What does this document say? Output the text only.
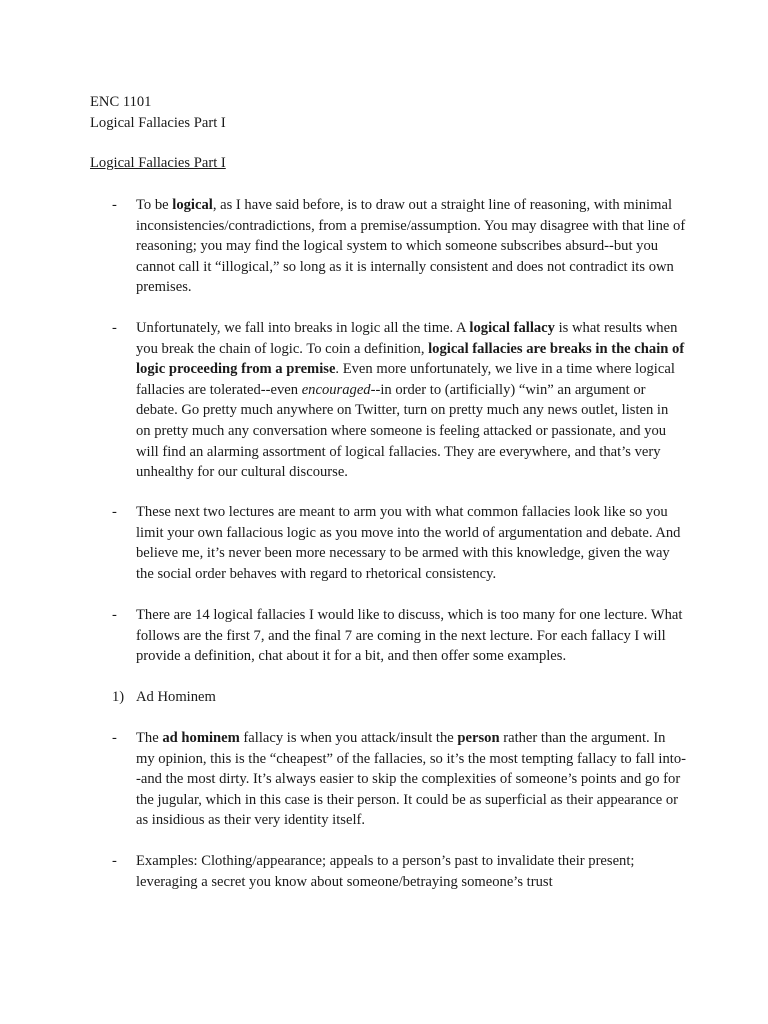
ENC 1101
Logical Fallacies Part I
Logical Fallacies Part I
- To be logical, as I have said before, is to draw out a straight line of reasoning, with minimal inconsistencies/contradictions, from a premise/assumption. You may disagree with that line of reasoning; you may find the logical system to which someone subscribes absurd--but you cannot call it “illogical,” so long as it is internally consistent and does not contradict its own premises.
- Unfortunately, we fall into breaks in logic all the time. A logical fallacy is what results when you break the chain of logic. To coin a definition, logical fallacies are breaks in the chain of logic proceeding from a premise. Even more unfortunately, we live in a time where logical fallacies are tolerated--even encouraged--in order to (artificially) “win” an argument or debate. Go pretty much anywhere on Twitter, turn on pretty much any news outlet, listen in on pretty much any conversation where someone is feeling attacked or passionate, and you will find an alarming assortment of logical fallacies. They are everywhere, and that’s very unhealthy for our cultural discourse.
- These next two lectures are meant to arm you with what common fallacies look like so you limit your own fallacious logic as you move into the world of argumentation and debate. And believe me, it’s never been more necessary to be armed with this knowledge, given the way the social order behaves with regard to rhetorical consistency.
- There are 14 logical fallacies I would like to discuss, which is too many for one lecture. What follows are the first 7, and the final 7 are coming in the next lecture. For each fallacy I will provide a definition, chat about it for a bit, and then offer some examples.
1) Ad Hominem
- The ad hominem fallacy is when you attack/insult the person rather than the argument. In my opinion, this is the “cheapest” of the fallacies, so it’s the most tempting fallacy to fall into--and the most dirty. It’s always easier to skip the complexities of someone’s points and go for the jugular, which in this case is their person. It could be as superficial as their appearance or as insidious as their very identity itself.
- Examples: Clothing/appearance; appeals to a person’s past to invalidate their present; leveraging a secret you know about someone/betraying someone’s trust
